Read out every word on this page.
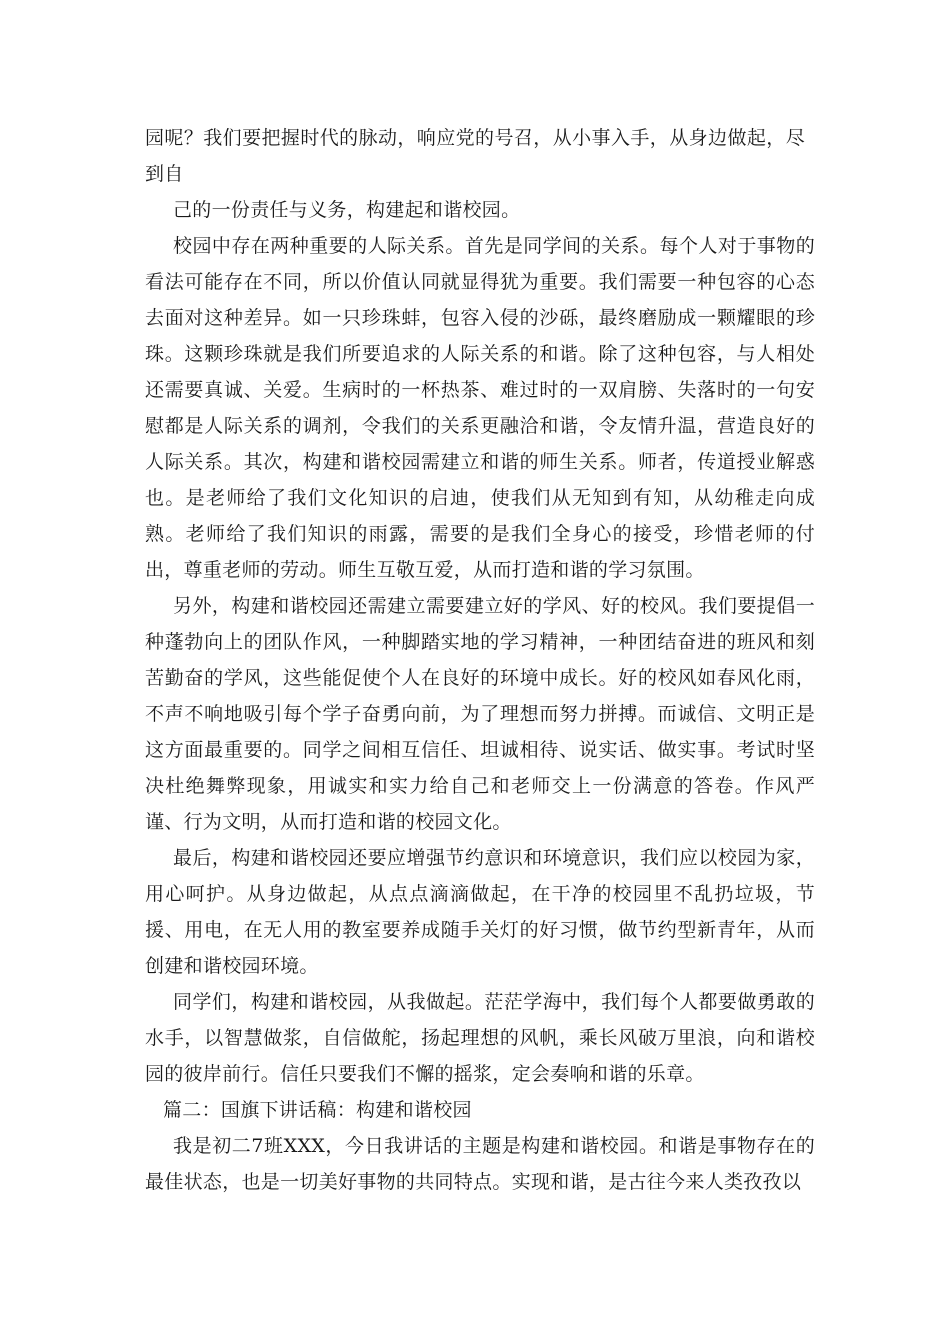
园呢？我们要把握时代的脉动，响应党的号召，从小事入手，从身边做起，尽到自

己的一份责任与义务，构建起和谐校园。

校园中存在两种重要的人际关系。首先是同学间的关系。每个人对于事物的看法可能存在不同，所以价值认同就显得犹为重要。我们需要一种包容的心态去面对这种差异。如一只珍珠蚌，包容入侵的沙砾，最终磨励成一颗耀眼的珍珠。这颗珍珠就是我们所要追求的人际关系的和谐。除了这种包容，与人相处还需要真诚、关爱。生病时的一杯热茶、难过时的一双肩膀、失落时的一句安慰都是人际关系的调剂，令我们的关系更融洽和谐，令友情升温，营造良好的人际关系。其次，构建和谐校园需建立和谐的师生关系。师者，传道授业解惑也。是老师给了我们文化知识的启迪，使我们从无知到有知，从幼稚走向成熟。老师给了我们知识的雨露，需要的是我们全身心的接受，珍惜老师的付出，尊重老师的劳动。师生互敬互爱，从而打造和谐的学习氛围。

另外，构建和谐校园还需建立需要建立好的学风、好的校风。我们要提倡一种蓬勃向上的团队作风，一种脚踏实地的学习精神，一种团结奋进的班风和刻苦勤奋的学风，这些能促使个人在良好的环境中成长。好的校风如春风化雨，不声不响地吸引每个学子奋勇向前，为了理想而努力拼搏。而诚信、文明正是这方面最重要的。同学之间相互信任、坦诚相待、说实话、做实事。考试时坚决杜绝舞弊现象，用诚实和实力给自己和老师交上一份满意的答卷。作风严谨、行为文明，从而打造和谐的校园文化。

最后，构建和谐校园还要应增强节约意识和环境意识，我们应以校园为家，用心呵护。从身边做起，从点点滴滴做起，在干净的校园里不乱扔垃圾，节援、用电，在无人用的教室要养成随手关灯的好习惯，做节约型新青年，从而创建和谐校园环境。

同学们，构建和谐校园，从我做起。茫茫学海中，我们每个人都要做勇敢的水手，以智慧做浆，自信做舵，扬起理想的风帆，乘长风破万里浪，向和谐校园的彼岸前行。信任只要我们不懈的摇浆，定会奏响和谐的乐章。

篇二：国旗下讲话稿：构建和谐校园

我是初二7班XXX，今日我讲话的主题是构建和谐校园。和谐是事物存在的最佳状态，也是一切美好事物的共同特点。实现和谐，是古往今来人类孜孜以
